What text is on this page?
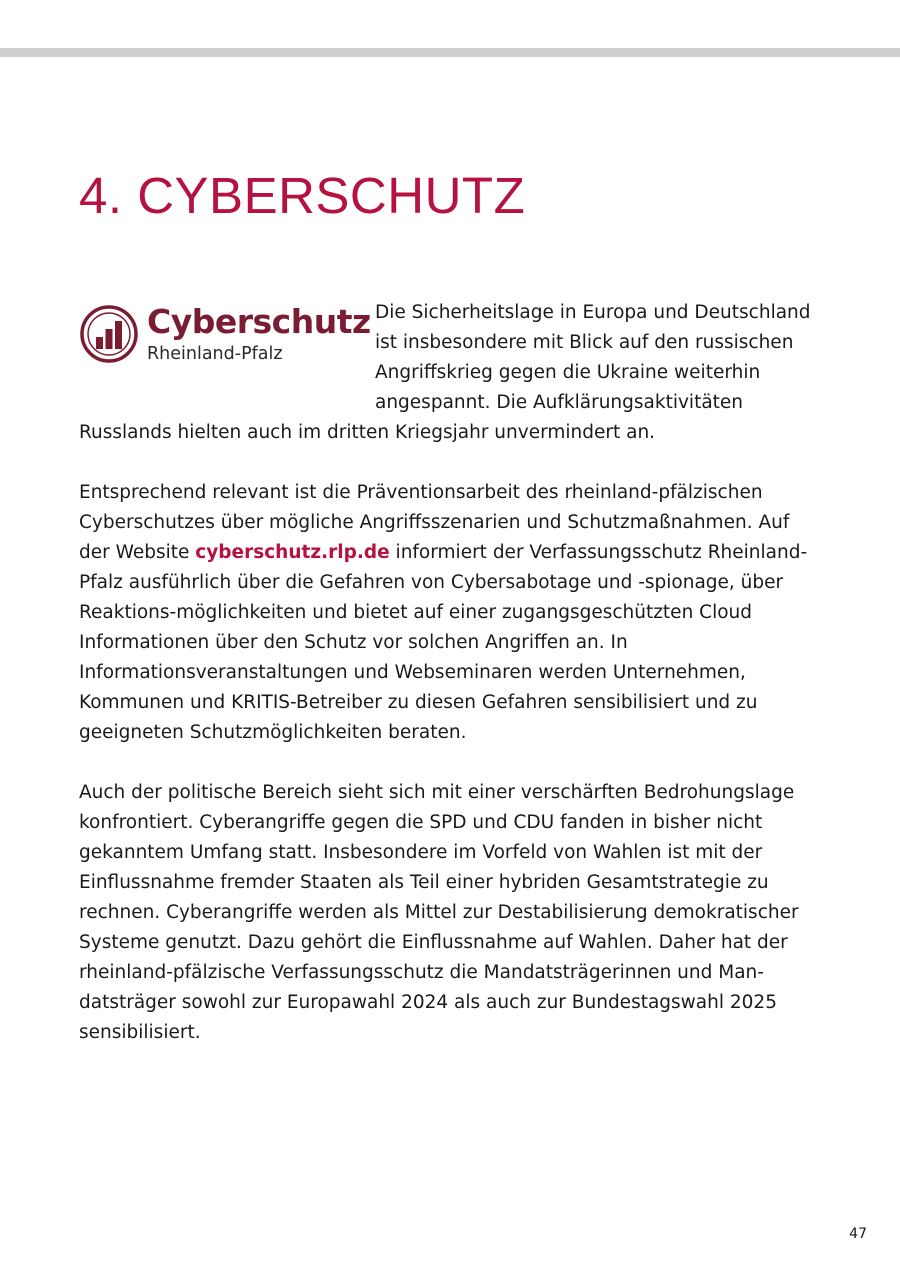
4. CYBERSCHUTZ
Cyberschutz
Rheinland-Pfalz

Die Sicherheitslage in Europa und Deutschland ist insbesondere mit Blick auf den russischen Angriffskrieg gegen die Ukraine weiterhin angespannt. Die Aufklärungsaktivitäten Russlands hielten auch im dritten Kriegsjahr unvermindert an.

Entsprechend relevant ist die Präventionsarbeit des rheinland-pfälzischen Cyberschutzes über mögliche Angriffsszenarien und Schutzmaßnahmen. Auf der Website cyberschutz.rlp.de informiert der Verfassungsschutz Rheinland-Pfalz ausführlich über die Gefahren von Cybersabotage und -spionage, über Reaktions-möglichkeiten und bietet auf einer zugangsgeschützten Cloud Informationen über den Schutz vor solchen Angriffen an. In Informationsveranstaltungen und Webseminaren werden Unternehmen, Kommunen und KRITIS-Betreiber zu diesen Gefahren sensibilisiert und zu geeigneten Schutzmöglichkeiten beraten.

Auch der politische Bereich sieht sich mit einer verschärften Bedrohungslage konfrontiert. Cyberangriffe gegen die SPD und CDU fanden in bisher nicht gekanntem Umfang statt. Insbesondere im Vorfeld von Wahlen ist mit der Einflussnahme fremder Staaten als Teil einer hybriden Gesamtstrategie zu rechnen. Cyberangriffe werden als Mittel zur Destabilisierung demokratischer Systeme genutzt. Dazu gehört die Einflussnahme auf Wahlen. Daher hat der rheinland-pfälzische Verfassungsschutz die Mandatsträgerinnen und Man-datsträger sowohl zur Europawahl 2024 als auch zur Bundestagswahl 2025 sensibilisiert.

47
